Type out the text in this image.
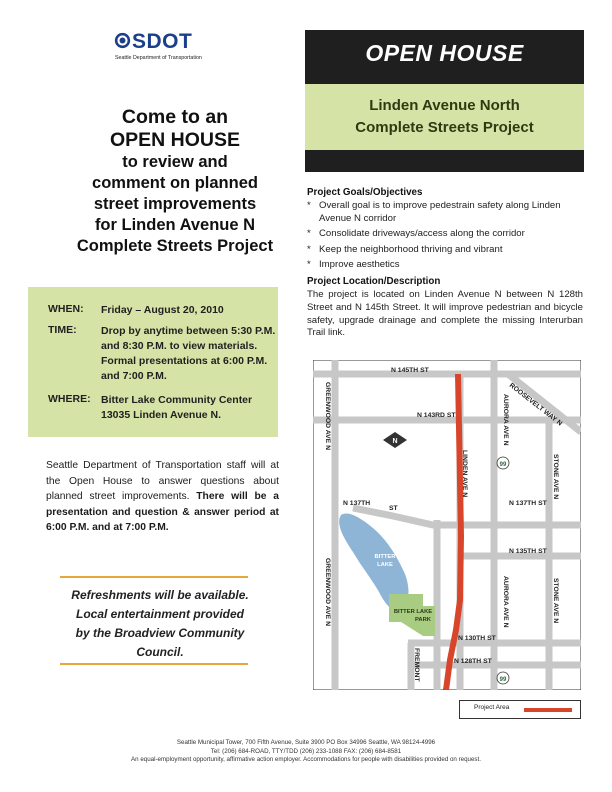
SDOT
Seattle Department of Transportation
Come to an
OPEN HOUSE
to review and
comment on planned
street improvements
for Linden Avenue N
Complete Streets Project
WHEN:	Friday – August 20, 2010
TIME:	Drop by anytime between 5:30 P.M. and 8:30 P.M. to view materials. Formal presentations at 6:00 P.M. and 7:00 P.M.
WHERE: Bitter Lake Community Center
13035 Linden Avenue N.
Seattle Department of Transportation staff will at the Open House to answer questions about planned street improvements. There will be a presentation and question & answer period at 6:00 P.M. and at 7:00 P.M.
Refreshments will be available.
Local entertainment provided
by the Broadview Community
Council.
OPEN HOUSE
Linden Avenue North
Complete Streets Project
Project Goals/Objectives
* Overall goal is to improve pedestrain safety along Linden Avenue N corridor
* Consolidate driveways/access along the corridor
* Keep the neighborhood thriving and vibrant
* Improve aesthetics
Project Location/Description
The project is located on Linden Avenue N between N 128th Street and N 145th Street. It will improve pedestrian and bicycle safety, upgrade drainage and complete the missing Interurban Trail link.
N
99
99
N 145TH ST
N 143RD ST
N 137TH
ST
N 137TH ST
N 135TH ST
N 130TH ST
N 128TH ST
GREENWOOD AVE N
GREENWOOD AVE N
LINDEN AVE N
AURORA AVE N
AURORA AVE N
STONE AVE N
STONE AVE N
ROOSEVELT WAY N
FREMONT
BITTER
LAKE
BITTER LAKE
PARK
Project Area
Seattle Municipal Tower, 700 Fifth Avenue, Suite 3900 PO Box 34996 Seattle, WA 98124-4996
Tel: (206) 684-ROAD, TTY/TDD (206) 233-1088 FAX: (206) 684-8581
An equal-employment opportunity, affirmative action employer. Accommodations for people with disabilities provided on request.
